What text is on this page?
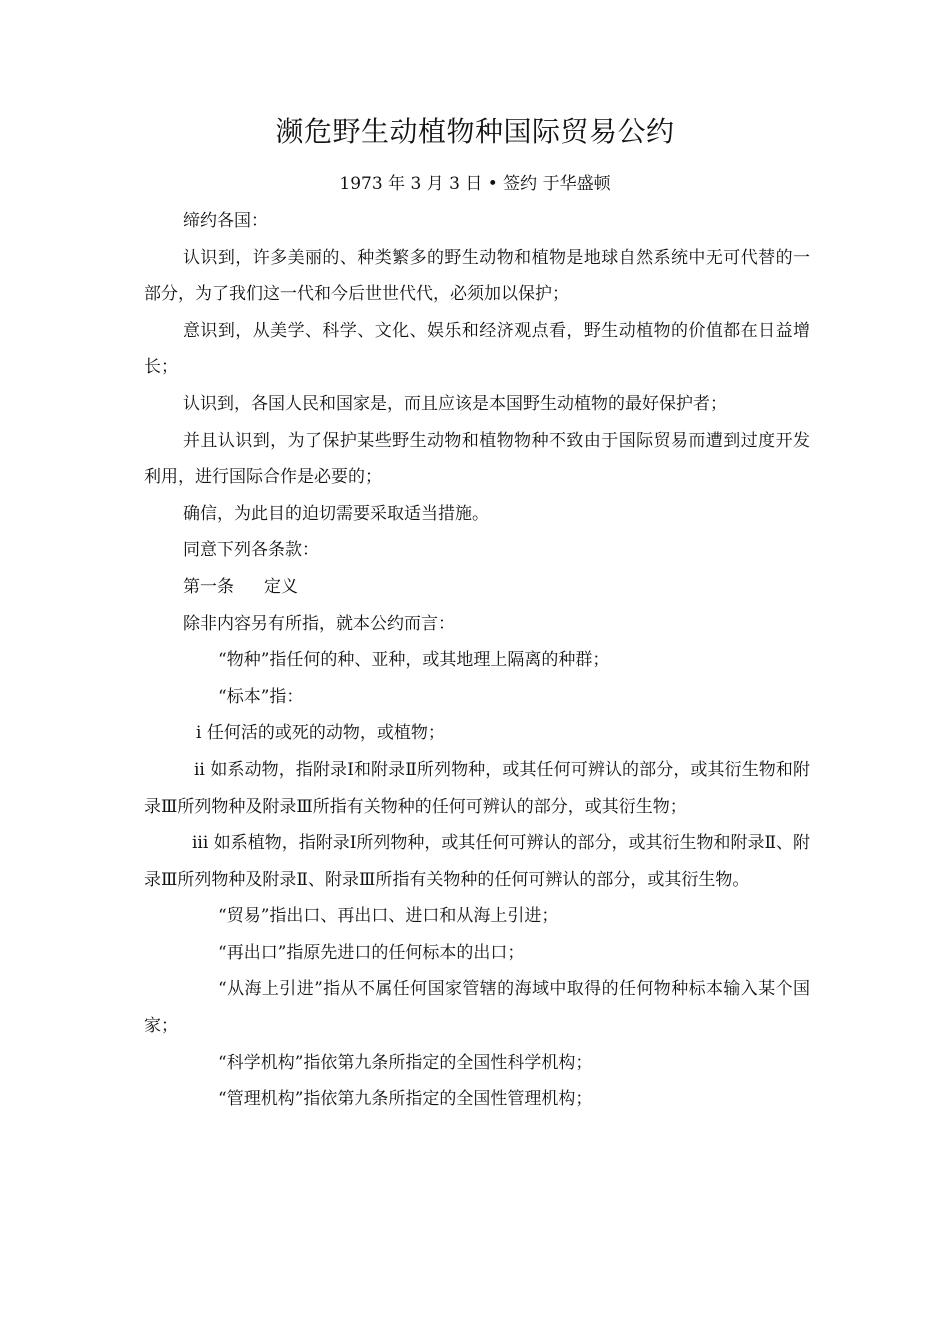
濒危野生动植物种国际贸易公约

1973 年 3 月 3 日 • 签约 于华盛顿

缔约各国：

认识到，许多美丽的、种类繁多的野生动物和植物是地球自然系统中无可代替的一部分，为了我们这一代和今后世世代代，必须加以保护；

意识到，从美学、科学、文化、娱乐和经济观点看，野生动植物的价值都在日益增长；

认识到，各国人民和国家是，而且应该是本国野生动植物的最好保护者；

并且认识到，为了保护某些野生动物和植物物种不致由于国际贸易而遭到过度开发利用，进行国际合作是必要的；

确信，为此目的迫切需要采取适当措施。

同意下列各条款：

第一条 定义

除非内容另有所指，就本公约而言：

“物种”指任何的种、亚种，或其地理上隔离的种群；

“标本”指：

i 任何活的或死的动物，或植物；

ii 如系动物，指附录Ⅰ和附录Ⅱ所列物种，或其任何可辨认的部分，或其衍生物和附录Ⅲ所列物种及附录Ⅲ所指有关物种的任何可辨认的部分，或其衍生物；

iii 如系植物，指附录Ⅰ所列物种，或其任何可辨认的部分，或其衍生物和附录Ⅱ、附录Ⅲ所列物种及附录Ⅱ、附录Ⅲ所指有关物种的任何可辨认的部分，或其衍生物。

“贸易”指出口、再出口、进口和从海上引进；

“再出口”指原先进口的任何标本的出口；

“从海上引进”指从不属任何国家管辖的海域中取得的任何物种标本输入某个国家；

“科学机构”指依第九条所指定的全国性科学机构；

“管理机构”指依第九条所指定的全国性管理机构；
